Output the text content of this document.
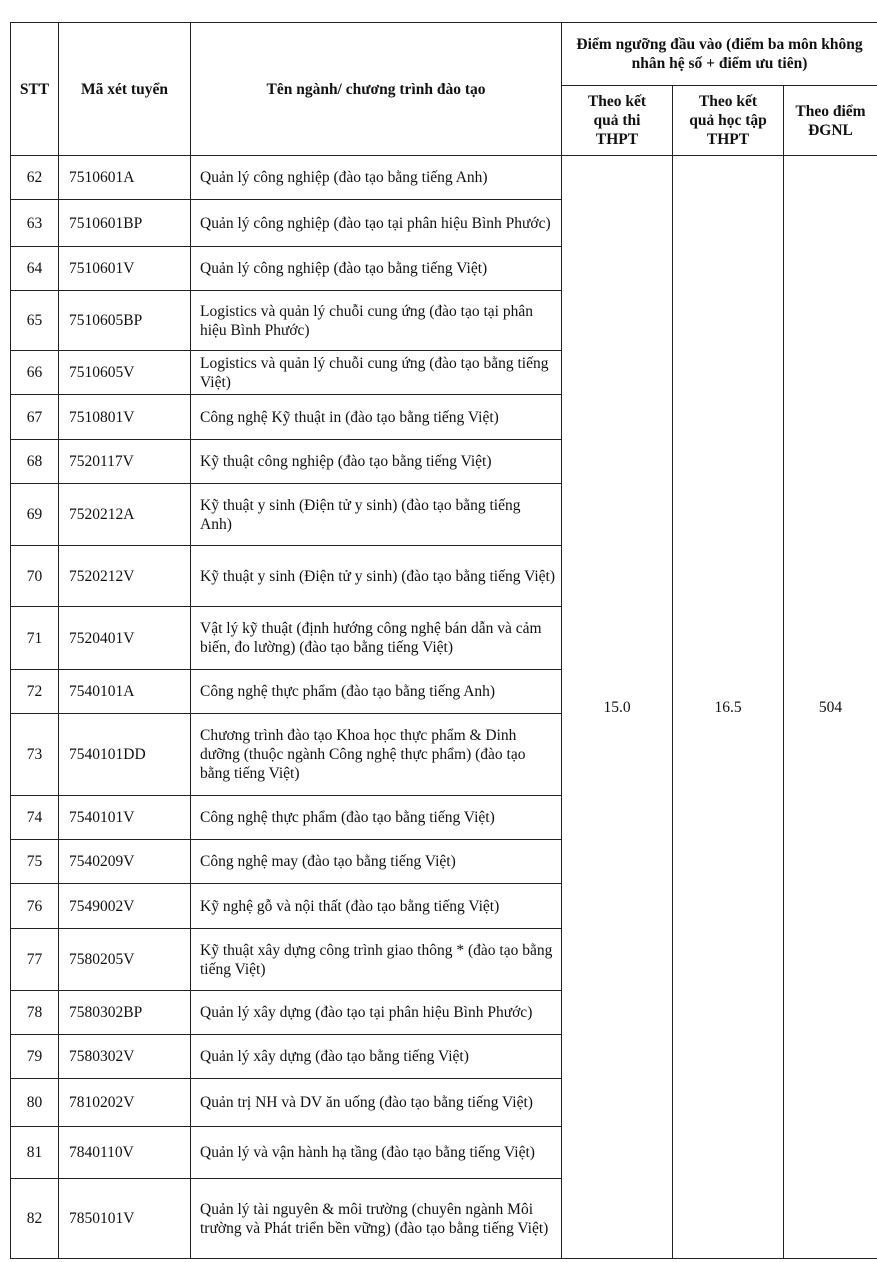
STT	Mã xét tuyển	Tên ngành/ chương trình đào tạo	Điểm ngưỡng đầu vào (điểm ba môn không nhân hệ số + điểm ưu tiên)		
			Theo kết quả thi THPT	Theo kết quả học tập THPT	Theo điểm ĐGNL
62	7510601A	Quản lý công nghiệp (đào tạo bằng tiếng Anh)	15.0	16.5	504
63	7510601BP	Quản lý công nghiệp (đào tạo tại phân hiệu Bình Phước)			
64	7510601V	Quản lý công nghiệp (đào tạo bằng tiếng Việt)			
65	7510605BP	Logistics và quản lý chuỗi cung ứng (đào tạo tại phân hiệu Bình Phước)			
66	7510605V	Logistics và quản lý chuỗi cung ứng (đào tạo bằng tiếng Việt)			
67	7510801V	Công nghệ Kỹ thuật in (đào tạo bằng tiếng Việt)			
68	7520117V	Kỹ thuật công nghiệp (đào tạo bằng tiếng Việt)			
69	7520212A	Kỹ thuật y sinh (Điện tử y sinh) (đào tạo bằng tiếng Anh)			
70	7520212V	Kỹ thuật y sinh (Điện tử y sinh) (đào tạo bằng tiếng Việt)			
71	7520401V	Vật lý kỹ thuật (định hướng công nghệ bán dẫn và cảm biến, đo lường) (đào tạo bằng tiếng Việt)			
72	7540101A	Công nghệ thực phẩm (đào tạo bằng tiếng Anh)			
73	7540101DD	Chương trình đào tạo Khoa học thực phẩm & Dinh dưỡng (thuộc ngành Công nghệ thực phẩm) (đào tạo bằng tiếng Việt)			
74	7540101V	Công nghệ thực phẩm (đào tạo bằng tiếng Việt)			
75	7540209V	Công nghệ may (đào tạo bằng tiếng Việt)			
76	7549002V	Kỹ nghệ gỗ và nội thất (đào tạo bằng tiếng Việt)			
77	7580205V	Kỹ thuật xây dựng công trình giao thông * (đào tạo bằng tiếng Việt)			
78	7580302BP	Quản lý xây dựng (đào tạo tại phân hiệu Bình Phước)			
79	7580302V	Quản lý xây dựng (đào tạo bằng tiếng Việt)			
80	7810202V	Quản trị NH và DV ăn uống (đào tạo bằng tiếng Việt)			
81	7840110V	Quản lý và vận hành hạ tầng (đào tạo bằng tiếng Việt)			
82	7850101V	Quản lý tài nguyên & môi trường (chuyên ngành Môi trường và Phát triển bền vững) (đào tạo bằng tiếng Việt)			
